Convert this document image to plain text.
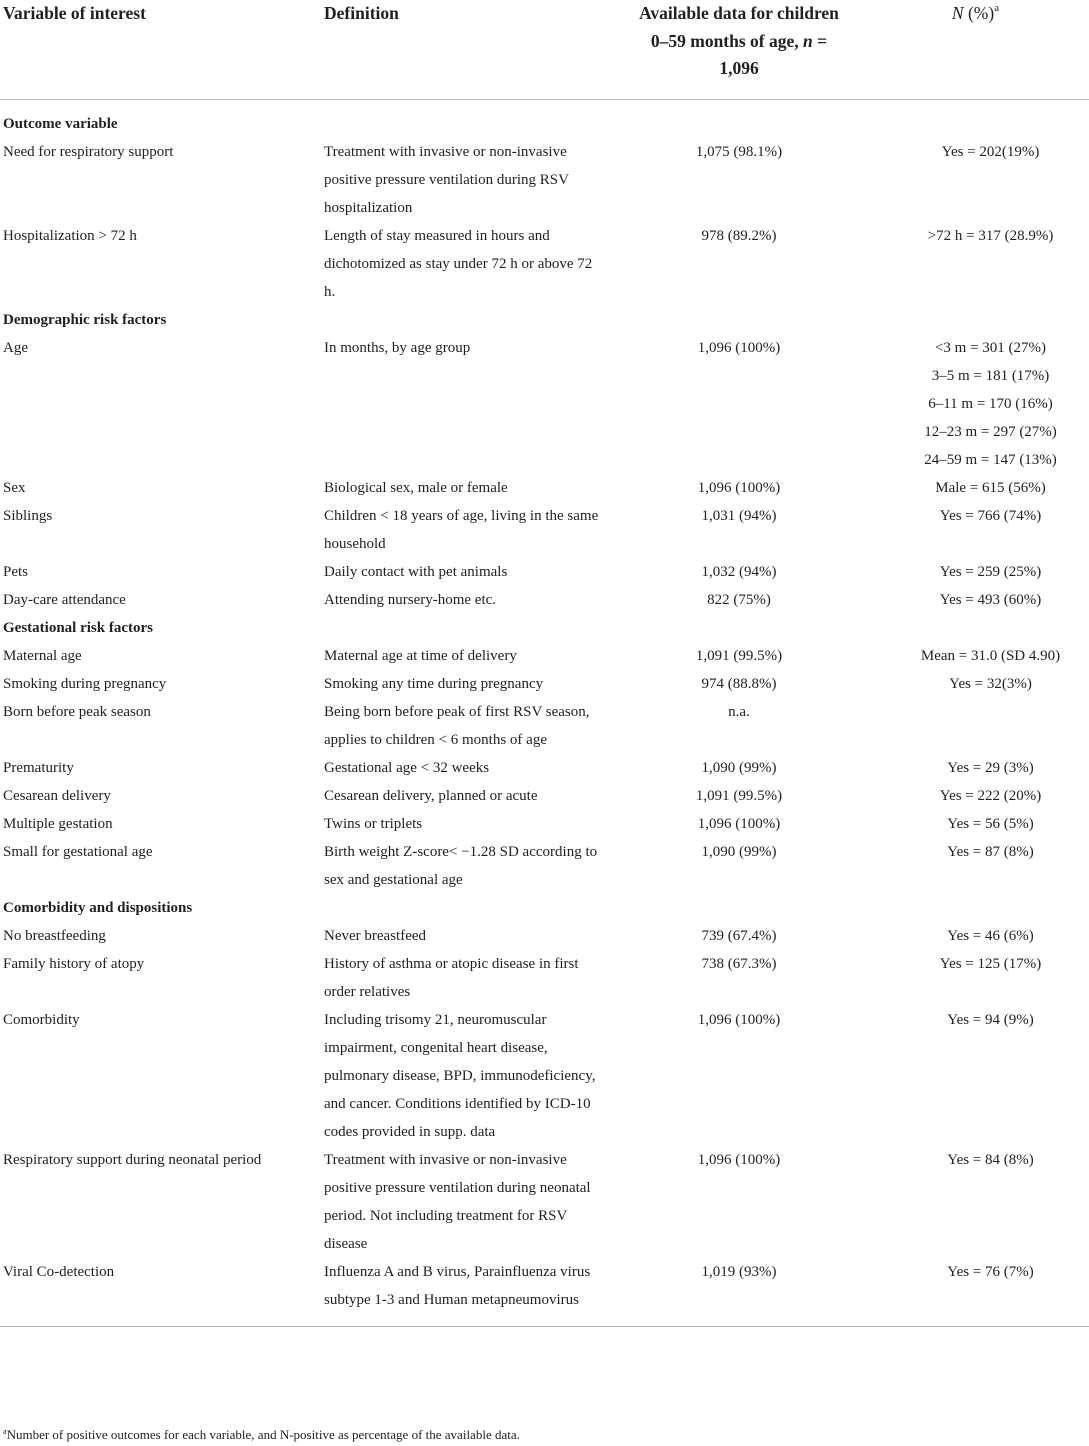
Variable of interest	Definition	Available data for children
0–59 months of age, n =
1,096	N (%)$^a$
Outcome variable			
Need for respiratory support	Treatment with invasive or non-invasive positive pressure ventilation during RSV hospitalization	1,075 (98.1%)	Yes = 202(19%)

Hospitalization > 72 h	Length of stay measured in hours and dichotomized as stay under 72 h or above 72 h.	978 (89.2%)	>72 h = 317 (28.9%)

Demographic risk factors			
Age	In months, by age group	1,096 (100%)	<3 m = 301 (27%)
3–5 m = 181 (17%)
6–11 m = 170 (16%)
12–23 m = 297 (27%)
24–59 m = 147 (13%)

Sex	Biological sex, male or female	1,096 (100%)	Male = 615 (56%)

Siblings	Children < 18 years of age, living in the same household	1,031 (94%)	Yes = 766 (74%)

Pets	Daily contact with pet animals	1,032 (94%)	Yes = 259 (25%)

Day-care attendance	Attending nursery-home etc.	822 (75%)	Yes = 493 (60%)

Gestational risk factors			
Maternal age	Maternal age at time of delivery	1,091 (99.5%)	Mean = 31.0 (SD 4.90)

Smoking during pregnancy	Smoking any time during pregnancy	974 (88.8%)	Yes = 32(3%)

Born before peak season	Being born before peak of first RSV season, applies to children < 6 months of age	n.a.	

Prematurity	Gestational age < 32 weeks	1,090 (99%)	Yes = 29 (3%)

Cesarean delivery	Cesarean delivery, planned or acute	1,091 (99.5%)	Yes = 222 (20%)

Multiple gestation	Twins or triplets	1,096 (100%)	Yes = 56 (5%)

Small for gestational age	Birth weight Z-score< −1.28 SD according to sex and gestational age	1,090 (99%)	Yes = 87 (8%)

Comorbidity and dispositions			
No breastfeeding	Never breastfeed	739 (67.4%)	Yes = 46 (6%)

Family history of atopy	History of asthma or atopic disease in first order relatives	738 (67.3%)	Yes = 125 (17%)

Comorbidity	Including trisomy 21, neuromuscular impairment, congenital heart disease, pulmonary disease, BPD, immunodeficiency, and cancer. Conditions identified by ICD-10 codes provided in supp. data	1,096 (100%)	Yes = 94 (9%)

Respiratory support during neonatal period	Treatment with invasive or non-invasive positive pressure ventilation during neonatal period. Not including treatment for RSV disease	1,096 (100%)	Yes = 84 (8%)

Viral Co-detection	Influenza A and B virus, Parainfluenza virus subtype 1-3 and Human metapneumovirus	1,019 (93%)	Yes = 76 (7%)
$^a$Number of positive outcomes for each variable, and N-positive as percentage of the available data.
